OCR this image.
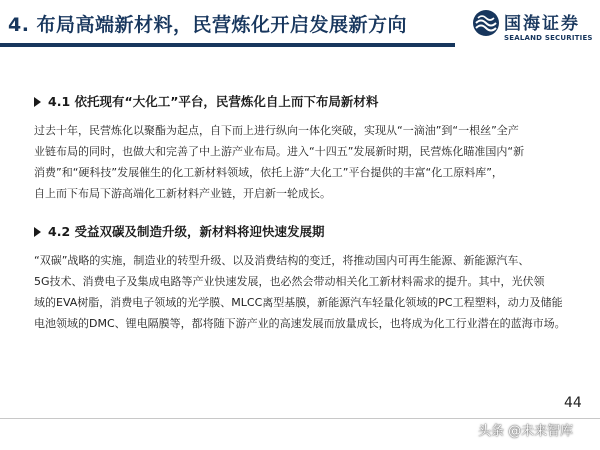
4. 布局高端新材料，民营炼化开启发展新方向	国海证券
SEALAND SECURITIES
4.1 依托现有“大化工”平台，民营炼化自上而下布局新材料
过去十年，民营炼化以聚酯为起点，自下而上进行纵向一体化突破，实现从“一滴油”到“一根丝”全产
业链布局的同时，也做大和完善了中上游产业布局。进入“十四五”发展新时期，民营炼化瞄准国内“新
消费”和“硬科技”发展催生的化工新材料领域，依托上游“大化工”平台提供的丰富“化工原料库”，
自上而下布局下游高端化工新材料产业链，开启新一轮成长。
4.2 受益双碳及制造升级，新材料将迎快速发展期
“双碳”战略的实施，制造业的转型升级、以及消费结构的变迁，将推动国内可再生能源、新能源汽车、
5G技术、消费电子及集成电路等产业快速发展，也必然会带动相关化工新材料需求的提升。其中，光伏领
域的EVA树脂，消费电子领域的光学膜、MLCC离型基膜，新能源汽车轻量化领域的PC工程塑料，动力及储能
电池领域的DMC、锂电隔膜等，都将随下游产业的高速发展而放量成长，也将成为化工行业潜在的蓝海市场。
44
头条 @未来智库
